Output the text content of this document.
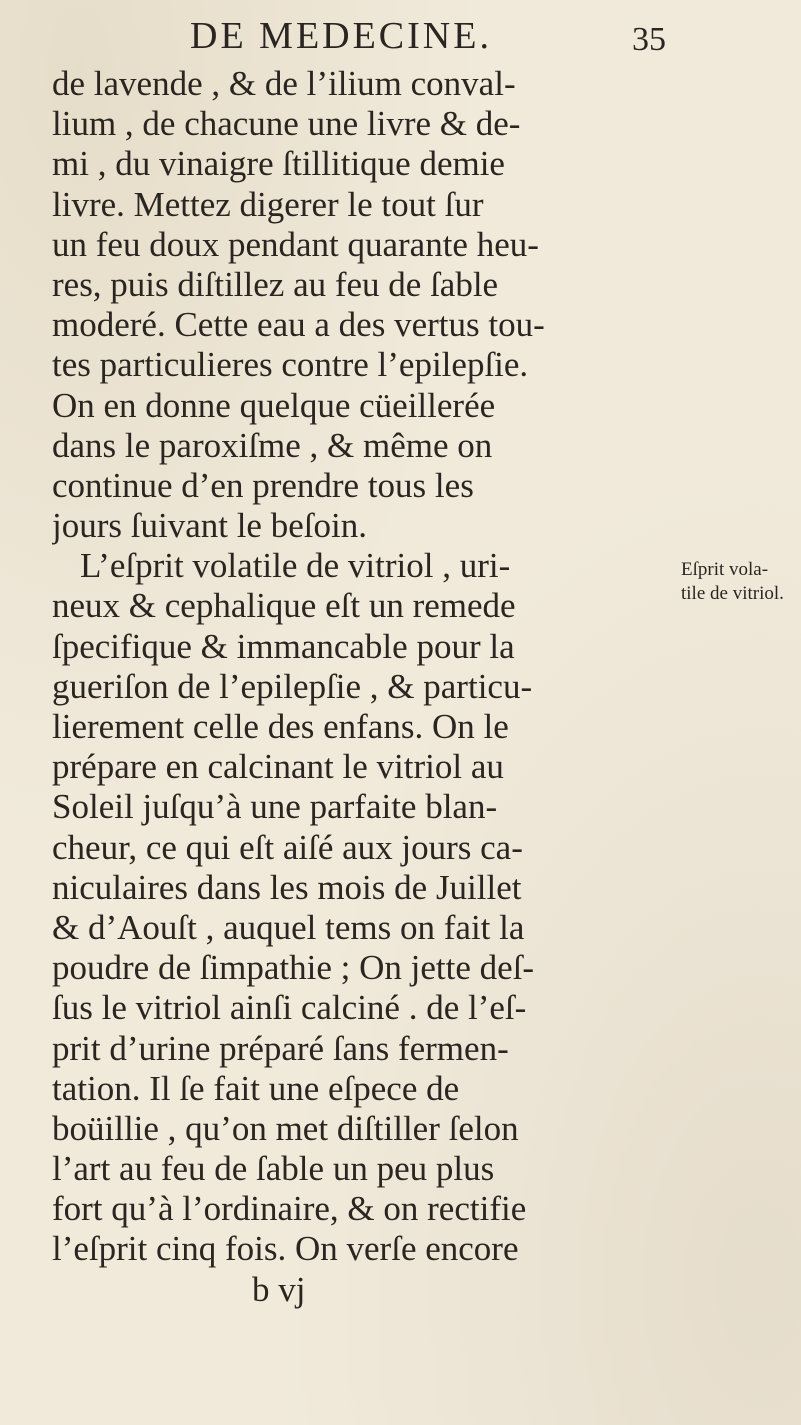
DE MEDECINE.	35
de lavende , & de l’ilium conval-
lium , de chacune une livre & de-
mi , du vinaigre ſtillitique demie
livre. Mettez digerer le tout ſur
un feu doux pendant quarante heu-
res, puis diſtillez au feu de ſable
moderé. Cette eau a des vertus tou-
tes particulieres contre l’epilepſie.
On en donne quelque cüeillerée
dans le paroxiſme , & même on
continue d’en prendre tous les
jours ſuivant le beſoin.
L’eſprit volatile de vitriol , uri-
neux & cephalique eſt un remede
ſpecifique & immancable pour la
gueriſon de l’epilepſie , & particu-
lierement celle des enfans. On le
prépare en calcinant le vitriol au
Soleil juſqu’à une parfaite blan-
cheur, ce qui eſt aiſé aux jours ca-
niculaires dans les mois de Juillet
& d’Aouſt , auquel tems on fait la
poudre de ſimpathie ; On jette deſ-
ſus le vitriol ainſi calciné . de l’eſ-
prit d’urine préparé ſans fermen-
tation. Il ſe fait une eſpece de
boüillie , qu’on met diſtiller ſelon
l’art au feu de ſable un peu plus
fort qu’à l’ordinaire, & on rectifie
l’eſprit cinq fois. On verſe encore
b vj
Eſprit vola-
tile de vitriol.
